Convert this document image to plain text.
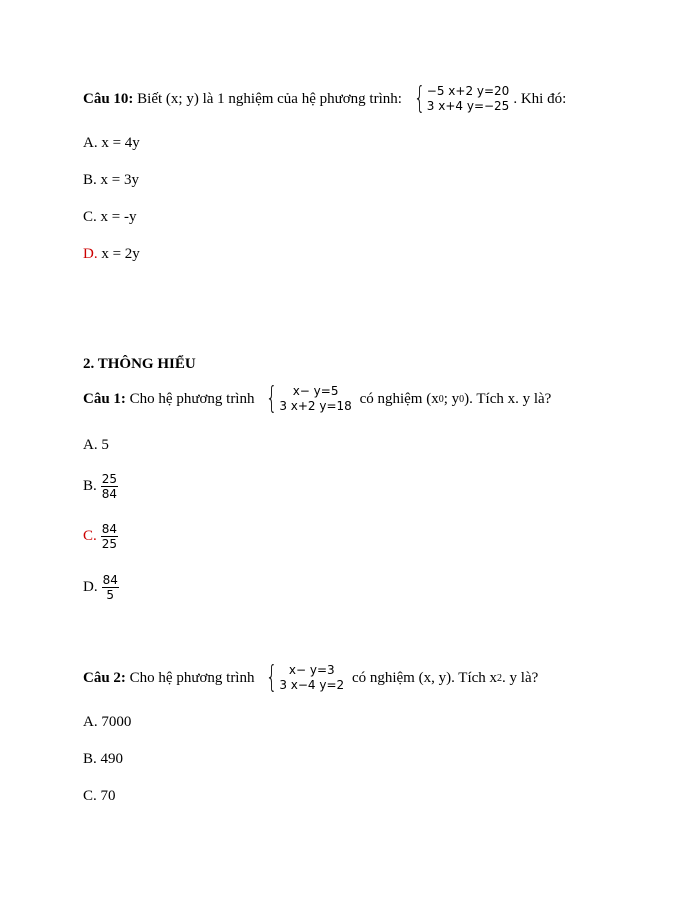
Câu 10: Biết (x; y) là 1 nghiệm của hệ phương trình: { −5 x+2 y=20
3 x+4 y=−25 . Khi đó:
A. x = 4y
B. x = 3y
C. x = -y
D. x = 2y
2. THÔNG HIỂU
Câu 1: Cho hệ phương trình { x− y=5
3 x+2 y=18 có nghiệm (x 0 ; y 0 ). Tích x. y là?
A. 5
B. $\frac{25}{84}$
C. $\frac{84}{25}$
D. $\frac{84}{5}$
Câu 2: Cho hệ phương trình { x− y=3
3 x−4 y=2 có nghiệm (x, y). Tích x 2 . y là?
A. 7000
B. 490
C. 70
